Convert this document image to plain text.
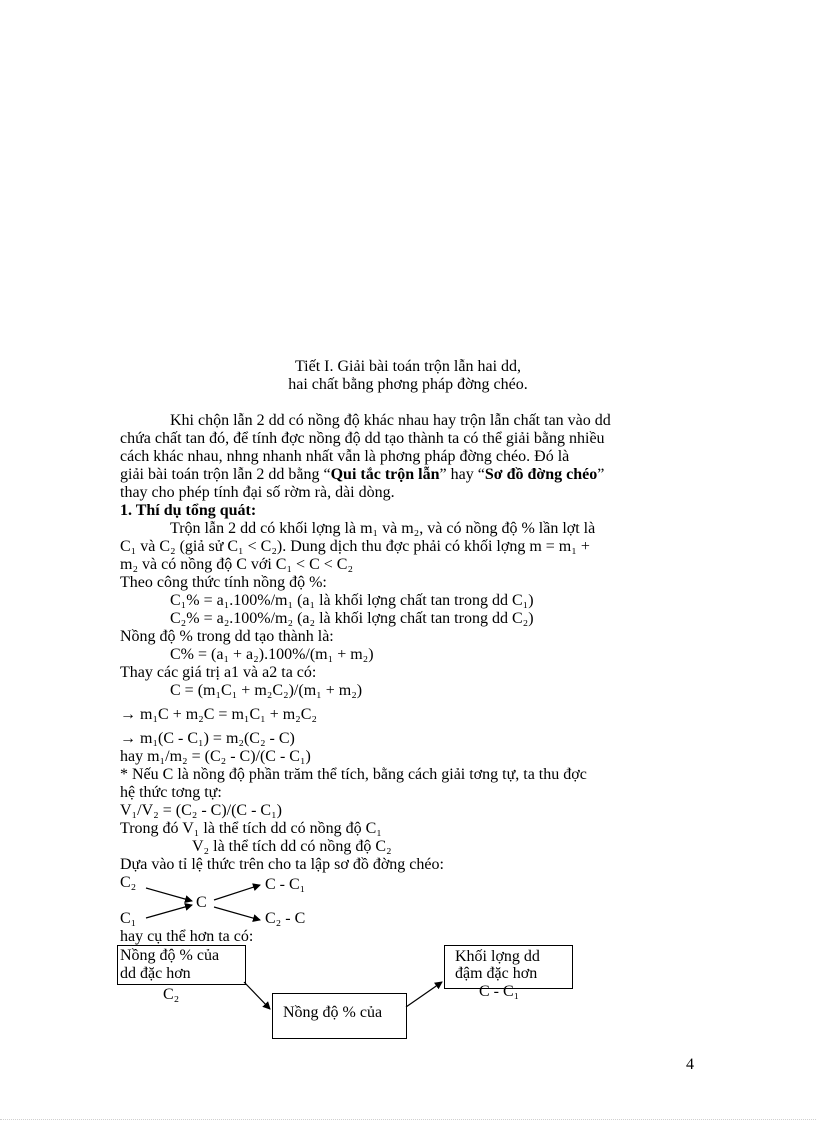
Tiết I. Giải bài toán trộn lẫn hai dd,
hai chất bằng phơng pháp đờng chéo.
Khi chộn lẫn 2 dd có nồng độ khác nhau hay trộn lẫn chất tan vào dd
chứa chất tan đó, để tính đợc nồng độ dd tạo thành ta có thể giải bằng nhiều
cách khác nhau, nhng nhanh nhất vẫn là phơng pháp đờng chéo. Đó là
giải bài toán trộn lẫn 2 dd bằng “Qui tắc trộn lẫn” hay “Sơ đồ đờng chéo”
thay cho phép tính đại số rờm rà, dài dòng.
1. Thí dụ tổng quát:
Trộn lẫn 2 dd có khối lợng là m₁ và m₂, và có nồng độ % lần lợt là
C₁ và C₂ (giả sử C₁ < C₂). Dung dịch thu đợc phải có khối lợng m = m₁ +
m₂ và có nồng độ C với C₁ < C < C₂
Theo công thức tính nồng độ %:
C₁% = a₁.100%/m₁ (a₁ là khối lợng chất tan trong dd C₁)
C₂% = a₂.100%/m₂ (a₂ là khối lợng chất tan trong dd C₂)
Nồng độ % trong dd tạo thành là:
C% = (a₁ + a₂).100%/(m₁ + m₂)
Thay các giá trị a1 và a2 ta có:
C = (m₁C₁ + m₂C₂)/(m₁ + m₂)
→ m₁C + m₂C = m₁C₁ + m₂C₂
→ m₁(C - C₁) = m₂(C₂ - C)
hay m₁/m₂ = (C₂ - C)/(C - C₁)
* Nếu C là nồng độ phần trăm thể tích, bằng cách giải tơng tự, ta thu đợc
hệ thức tơng tự:
V₁/V₂ = (C₂ - C)/(C - C₁)
Trong đó V₁ là thể tích dd có nồng độ C₁
V₂ là thể tích dd có nồng độ C₂
Dựa vào tỉ lệ thức trên cho ta lập sơ đồ đờng chéo:
C₂
C
C - C₁
C₁	C₂ - C
hay cụ thể hơn ta có:
Nồng độ % của
dd đặc hơn
C₂
Khối lợng dd
đậm đặc hơn
C - C₁
Nồng độ % của
4
